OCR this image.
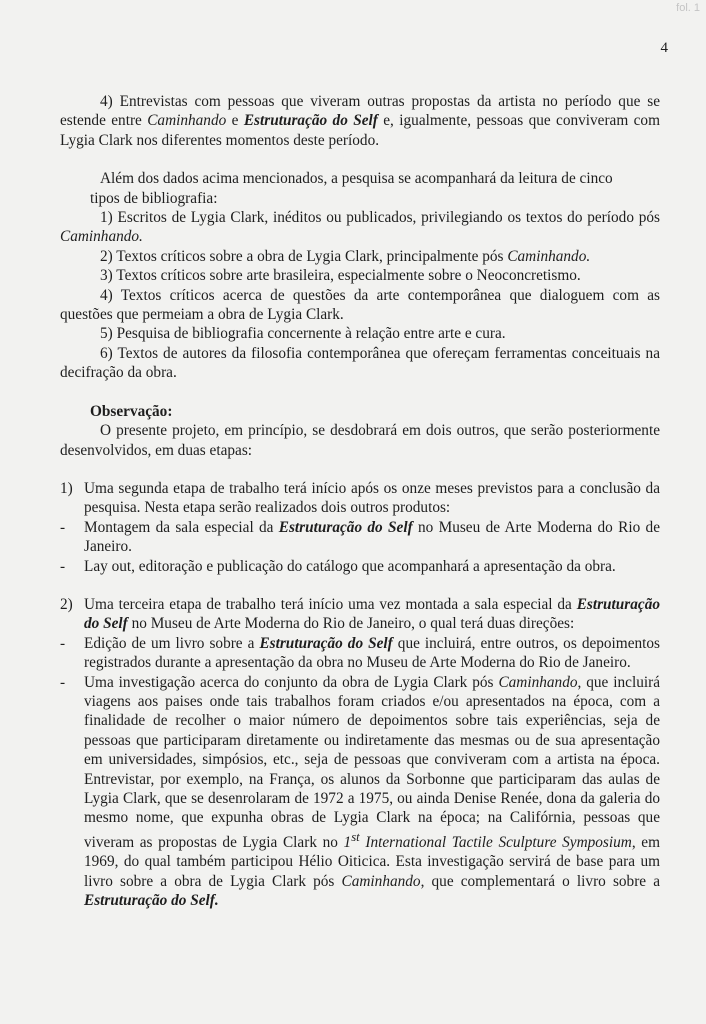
fol. 1
4

4) Entrevistas com pessoas que viveram outras propostas da artista no período que se estende entre Caminhando e Estruturação do Self e, igualmente, pessoas que conviveram com Lygia Clark nos diferentes momentos deste período.

Além dos dados acima mencionados, a pesquisa se acompanhará da leitura de cinco

tipos de bibliografia:

1) Escritos de Lygia Clark, inéditos ou publicados, privilegiando os textos do período pós Caminhando.

2) Textos críticos sobre a obra de Lygia Clark, principalmente pós Caminhando.

3) Textos críticos sobre arte brasileira, especialmente sobre o Neoconcretismo.

4) Textos críticos acerca de questões da arte contemporânea que dialoguem com as questões que permeiam a obra de Lygia Clark.

5) Pesquisa de bibliografia concernente à relação entre arte e cura.

6) Textos de autores da filosofia contemporânea que ofereçam ferramentas conceituais na decifração da obra.

Observação:

O presente projeto, em princípio, se desdobrará em dois outros, que serão posteriormente desenvolvidos, em duas etapas:

1) Uma segunda etapa de trabalho terá início após os onze meses previstos para a conclusão da pesquisa. Nesta etapa serão realizados dois outros produtos:

- Montagem da sala especial da Estruturação do Self no Museu de Arte Moderna do Rio de Janeiro.

- Lay out, editoração e publicação do catálogo que acompanhará a apresentação da obra.

2) Uma terceira etapa de trabalho terá início uma vez montada a sala especial da Estruturação do Self no Museu de Arte Moderna do Rio de Janeiro, o qual terá duas direções:

- Edição de um livro sobre a Estruturação do Self que incluirá, entre outros, os depoimentos registrados durante a apresentação da obra no Museu de Arte Moderna do Rio de Janeiro.

- Uma investigação acerca do conjunto da obra de Lygia Clark pós Caminhando, que incluirá viagens aos paises onde tais trabalhos foram criados e/ou apresentados na época, com a finalidade de recolher o maior número de depoimentos sobre tais experiências, seja de pessoas que participaram diretamente ou indiretamente das mesmas ou de sua apresentação em universidades, simpósios, etc., seja de pessoas que conviveram com a artista na época. Entrevistar, por exemplo, na França, os alunos da Sorbonne que participaram das aulas de Lygia Clark, que se desenrolaram de 1972 a 1975, ou ainda Denise Renée, dona da galeria do mesmo nome, que expunha obras de Lygia Clark na época; na Califórnia, pessoas que viveram as propostas de Lygia Clark no 1st International Tactile Sculpture Symposium, em 1969, do qual também participou Hélio Oiticica. Esta investigação servirá de base para um livro sobre a obra de Lygia Clark pós Caminhando, que complementará o livro sobre a Estruturação do Self.
